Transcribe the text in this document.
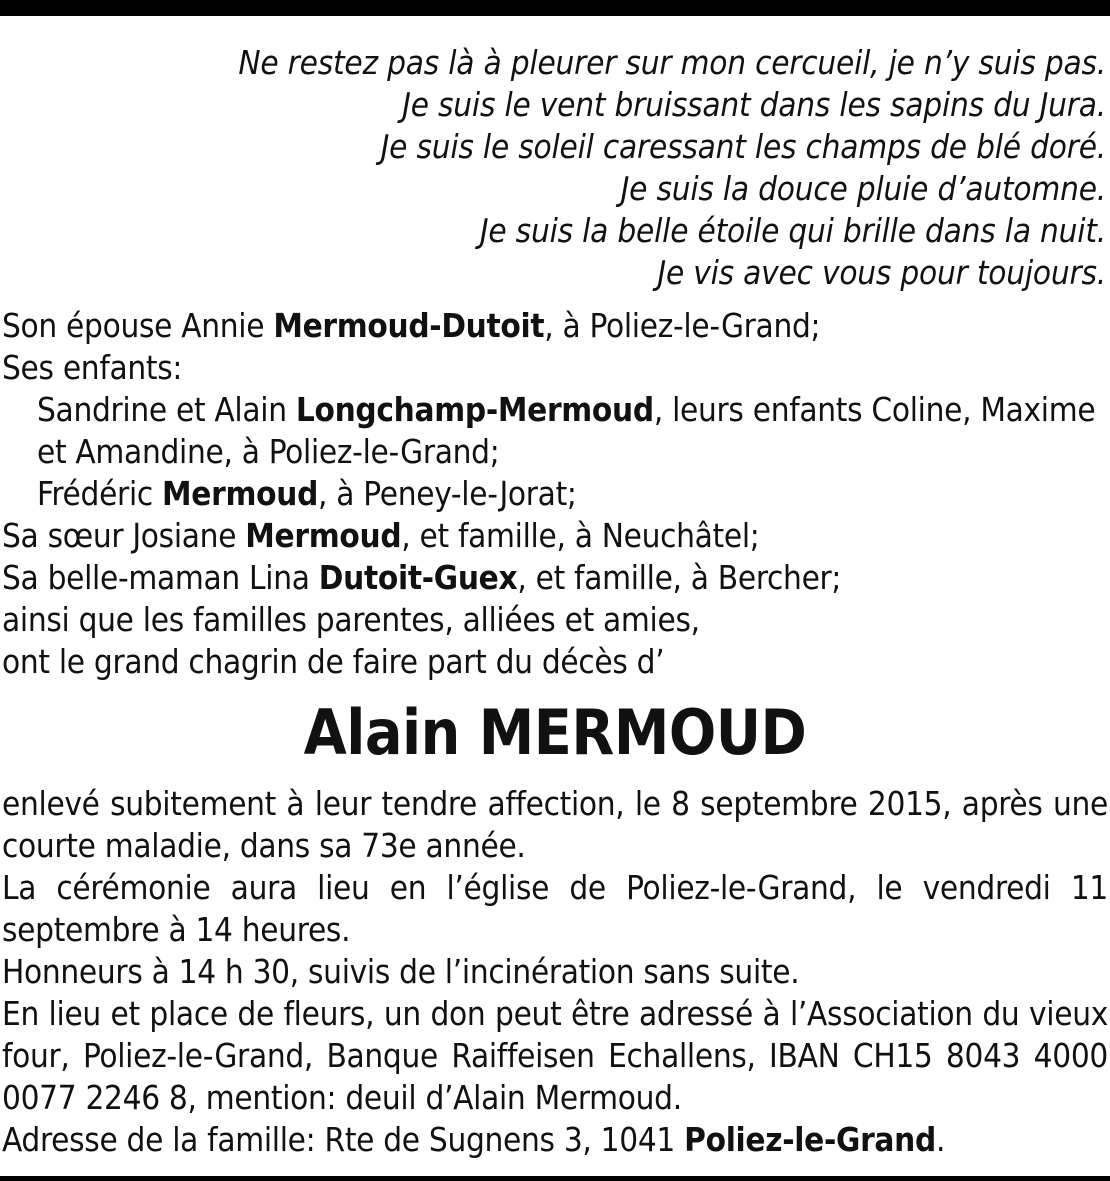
Ne restez pas là à pleurer sur mon cercueil, je n’y suis pas.
Je suis le vent bruissant dans les sapins du Jura.
Je suis le soleil caressant les champs de blé doré.
Je suis la douce pluie d’automne.
Je suis la belle étoile qui brille dans la nuit.
Je vis avec vous pour toujours.
Son épouse Annie Mermoud-Dutoit, à Poliez-le-Grand;
Ses enfants:
Sandrine et Alain Longchamp-Mermoud, leurs enfants Coline, Maxime et Amandine, à Poliez-le-Grand;
Frédéric Mermoud, à Peney-le-Jorat;
Sa sœur Josiane Mermoud, et famille, à Neuchâtel;
Sa belle-maman Lina Dutoit-Guex, et famille, à Bercher;
ainsi que les familles parentes, alliées et amies,
ont le grand chagrin de faire part du décès d’
Alain MERMOUD
enlevé subitement à leur tendre affection, le 8 septembre 2015, après une courte maladie, dans sa 73e année.
La cérémonie aura lieu en l’église de Poliez-le-Grand, le vendredi 11 septembre à 14 heures.
Honneurs à 14 h 30, suivis de l’incinération sans suite.
En lieu et place de fleurs, un don peut être adressé à l’Association du vieux four, Poliez-le-Grand, Banque Raiffeisen Echallens, IBAN CH15 8043 4000 0077 2246 8, mention: deuil d’Alain Mermoud.
Adresse de la famille: Rte de Sugnens 3, 1041 Poliez-le-Grand.
